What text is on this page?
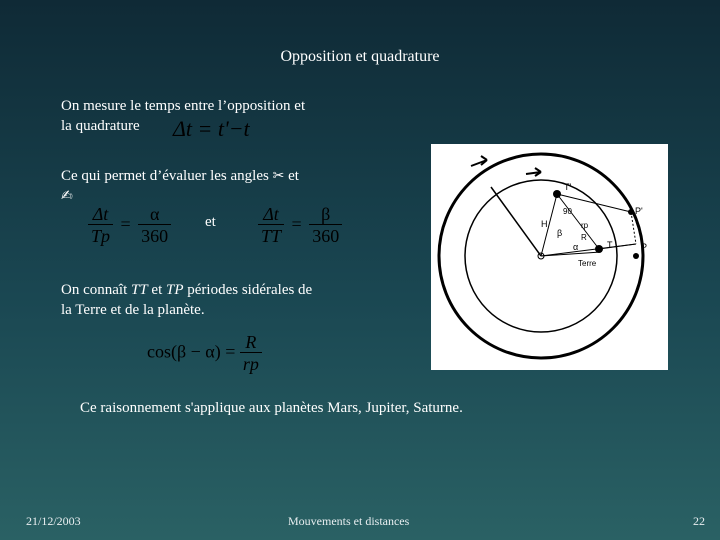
Opposition et quadrature
On mesure le temps entre l’opposition et
la quadrature	Δt = t'−t
Ce qui permet d’évaluer les angles ✂ et
✍
$\frac{\Delta t}{Tp} = \frac{\alpha}{360}$ et $\frac{\Delta t}{TT} = \frac{\beta}{360}$
On connaît TT et TP périodes sidérales de
la Terre et de la planète.
$\cos(\beta - \alpha) = \frac{R}{rp}$
T'
P'
T	P
H
90
β
α
rp
R
Terre
Ce raisonnement s'applique aux planètes Mars, Jupiter, Saturne.
21/12/2003	Mouvements et distances	22
